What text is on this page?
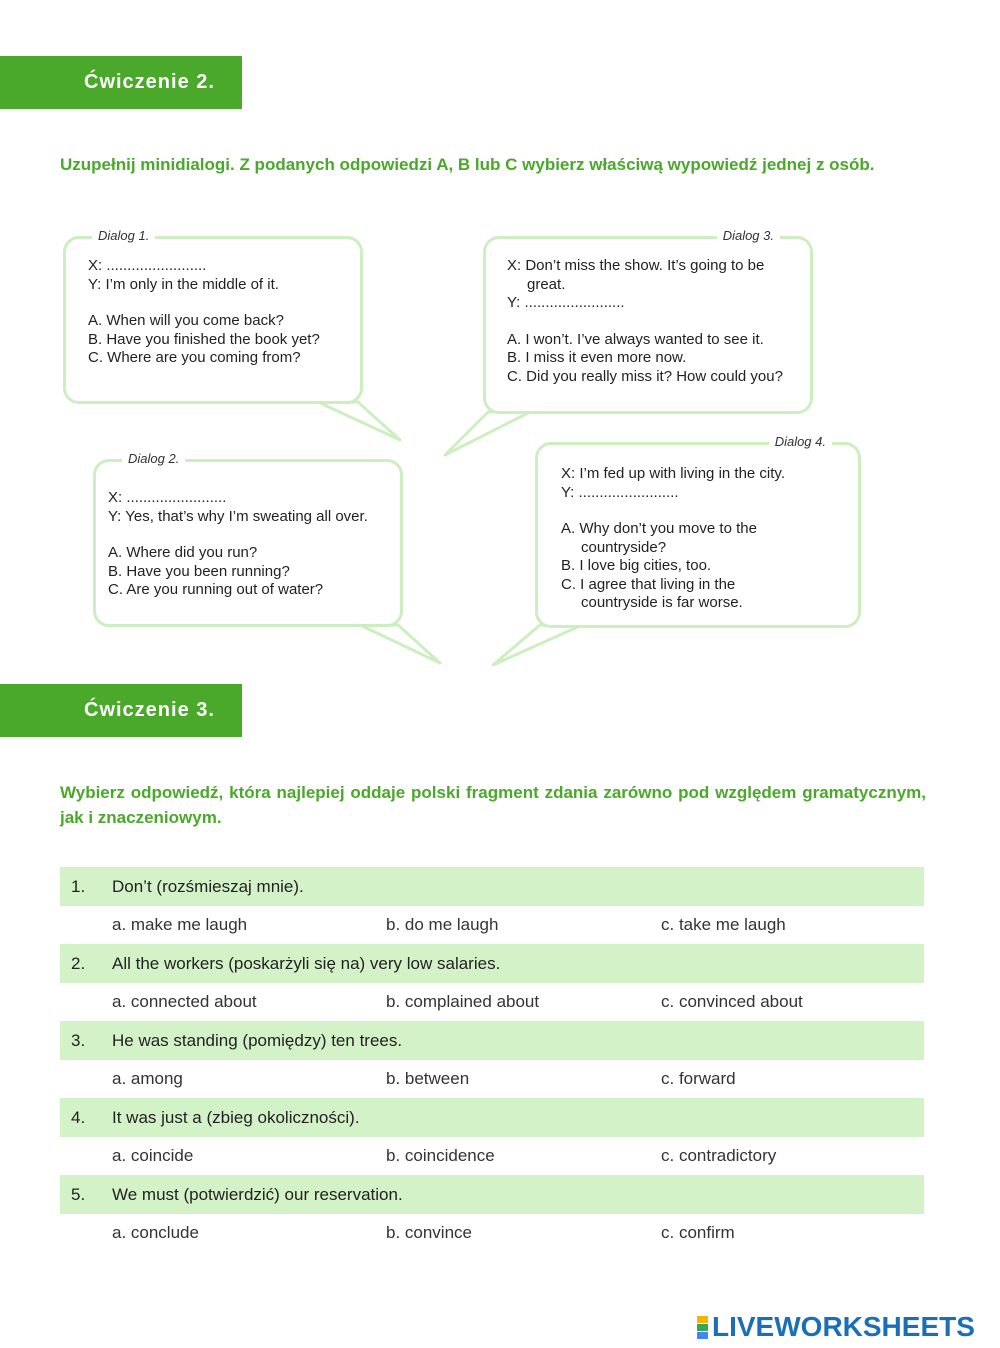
Ćwiczenie 2.
Uzupełnij minidialogi. Z podanych odpowiedzi A, B lub C wybierz właściwą wypowiedź jednej z osób.
Dialog 1.
X: ........................
Y: I’m only in the middle of it.
A. When will you come back?
B. Have you finished the book yet?
C. Where are you coming from?
Dialog 3.
X: Don’t miss the show. It’s going to be
great.
Y: ........................
A. I won’t. I’ve always wanted to see it.
B. I miss it even more now.
C. Did you really miss it? How could you?
Dialog 2.
X: ........................
Y: Yes, that’s why I’m sweating all over.
A. Where did you run?
B. Have you been running?
C. Are you running out of water?
Dialog 4.
X: I’m fed up with living in the city.
Y: ........................
A. Why don’t you move to the
countryside?
B. I love big cities, too.
C. I agree that living in the
countryside is far worse.
Ćwiczenie 3.
Wybierz odpowiedź, która najlepiej oddaje polski fragment zdania zarówno pod względem gramatycznym, jak i znaczeniowym.
1. Don’t (rozśmieszaj mnie).
a. make me laugh	b. do me laugh	c. take me laugh
2. All the workers (poskarżyli się na) very low salaries.
a. connected about	b. complained about	c. convinced about
3. He was standing (pomiędzy) ten trees.
a. among	b. between	c. forward
4. It was just a (zbieg okoliczności).
a. coincide	b. coincidence	c. contradictory
5. We must (potwierdzić) our reservation.
a. conclude	b. convince	c. confirm
LIVEWORKSHEETS
